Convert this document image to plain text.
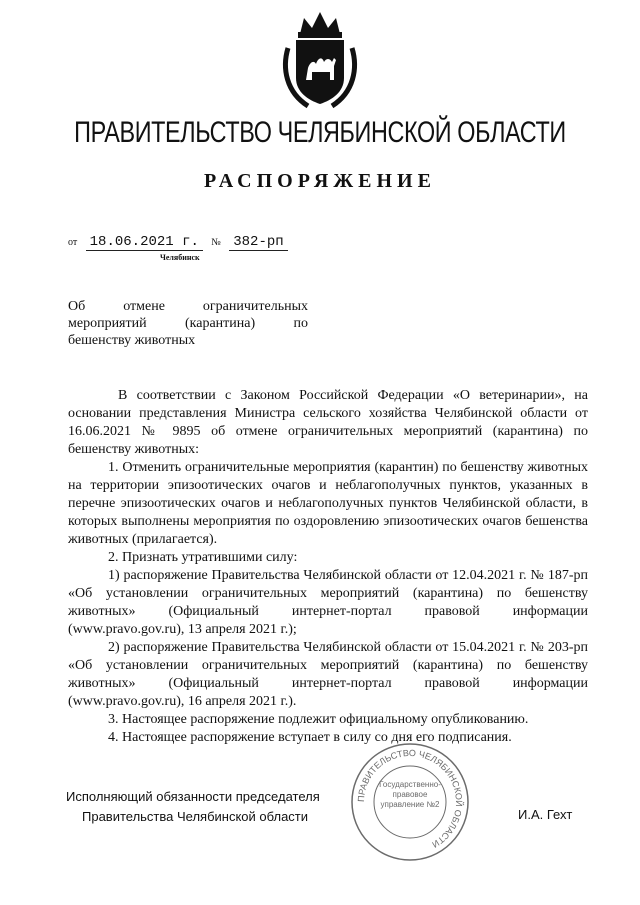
ПРАВИТЕЛЬСТВО ЧЕЛЯБИНСКОЙ ОБЛАСТИ
РАСПОРЯЖЕНИЕ
от 18.06.2021 г. № 382-рп
Челябинск
Об отмене ограничительных
мероприятий (карантина) по
бешенству животных

В соответствии с Законом Российской Федерации «О ветеринарии», на основании представления Министра сельского хозяйства Челябинской области от 16.06.2021 № 9895 об отмене ограничительных мероприятий (карантина) по бешенству животных:

1. Отменить ограничительные мероприятия (карантин) по бешенству животных на территории эпизоотических очагов и неблагополучных пунктов, указанных в перечне эпизоотических очагов и неблагополучных пунктов Челябинской области, в которых выполнены мероприятия по оздоровлению эпизоотических очагов бешенства животных (прилагается).

2. Признать утратившими силу:

1) распоряжение Правительства Челябинской области от 12.04.2021 г. № 187-рп «Об установлении ограничительных мероприятий (карантина) по бешенству животных» (Официальный интернет-портал правовой информации (www.pravo.gov.ru), 13 апреля 2021 г.);

2) распоряжение Правительства Челябинской области от 15.04.2021 г. № 203-рп «Об установлении ограничительных мероприятий (карантина) по бешенству животных» (Официальный интернет-портал правовой информации (www.pravo.gov.ru), 16 апреля 2021 г.).

3. Настоящее распоряжение подлежит официальному опубликованию.

4. Настоящее распоряжение вступает в силу со дня его подписания.

Исполняющий обязанности председателя
Правительства Челябинской области	И.А. Гехт
ПРАВИТЕЛЬСТВО ЧЕЛЯБИНСКОЙ ОБЛАСТИ
Государственно-правовое управление №2
